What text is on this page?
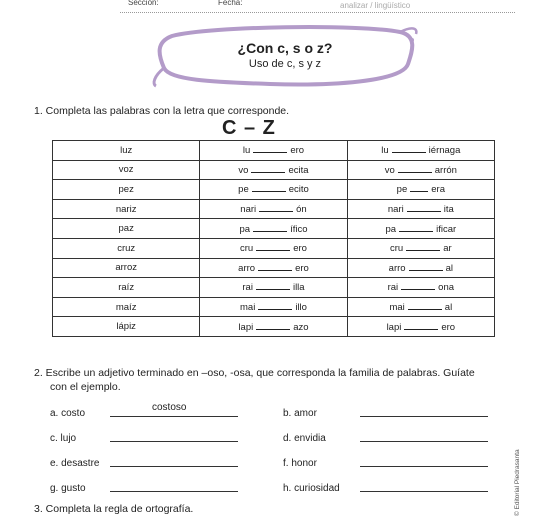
Sección:	Fecha:	analizar / lingüístico
¿Con c, s o z?
Uso de c, s y z
1. Completa las palabras con la letra que corresponde.
C – Z
luz	lu ero	lu iérnaga
voz	vo ecita	vo arrón
pez	pe ecito	pe era
nariz	nari ón	nari ita
paz	pa ífico	pa ificar
cruz	cru ero	cru ar
arroz	arro ero	arro al
raíz	rai illa	rai ona
maíz	mai illo	mai al
lápiz	lapi azo	lapi ero
2. Escribe un adjetivo terminado en –oso, -osa, que corresponda la familia de palabras. Guíate
con el ejemplo.
costoso
a. costo	b. amor
c. lujo	d. envidia
e. desastre	f. honor
g. gusto	h. curiosidad
3. Completa la regla de ortografía.	© Editorial Piedrasanta
